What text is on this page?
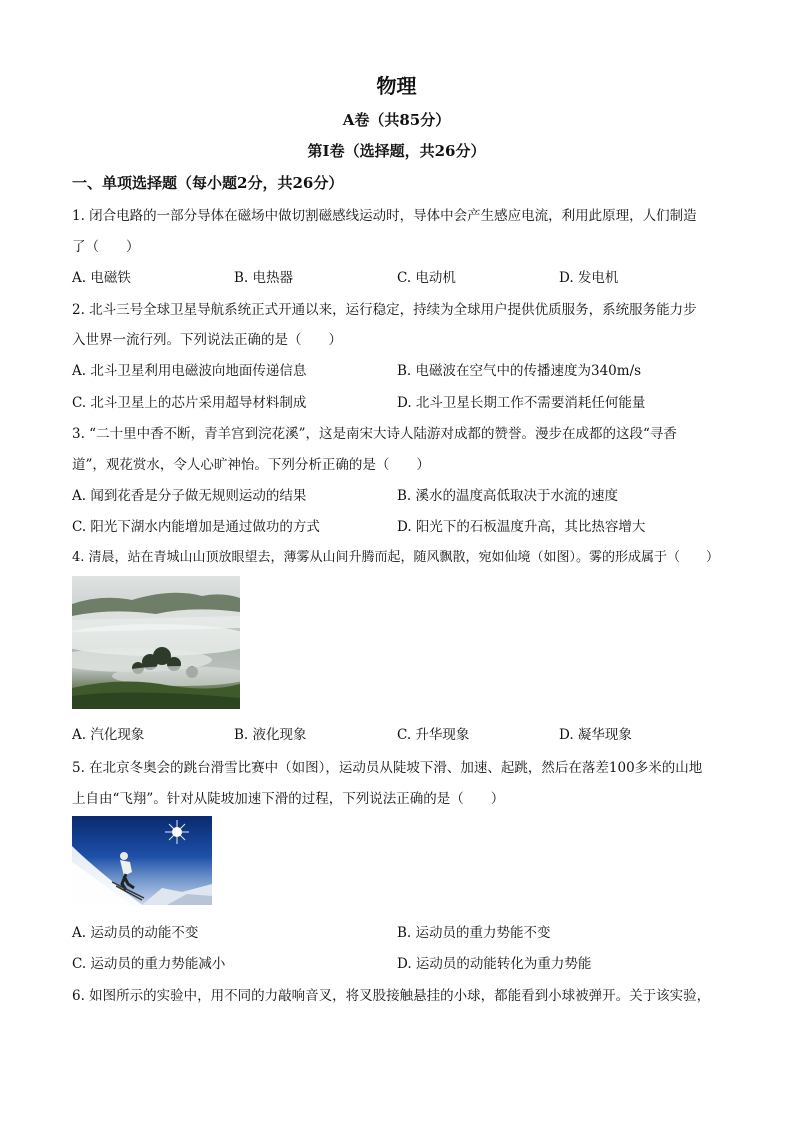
物理
A卷（共85分）
第Ⅰ卷（选择题，共26分）
一、单项选择题（每小题2分，共26分）
1. 闭合电路的一部分导体在磁场中做切割磁感线运动时，导体中会产生感应电流，利用此原理，人们制造
了（　　）
A. 电磁铁	B. 电热器	C. 电动机	D. 发电机
2. 北斗三号全球卫星导航系统正式开通以来，运行稳定，持续为全球用户提供优质服务，系统服务能力步
入世界一流行列。下列说法正确的是（　　）
A. 北斗卫星利用电磁波向地面传递信息	B. 电磁波在空气中的传播速度为340m/s
C. 北斗卫星上的芯片采用超导材料制成	D. 北斗卫星长期工作不需要消耗任何能量
3. “二十里中香不断，青羊宫到浣花溪”，这是南宋大诗人陆游对成都的赞誉。漫步在成都的这段“寻香
道”，观花赏水，令人心旷神怡。下列分析正确的是（　　）
A. 闻到花香是分子做无规则运动的结果	B. 溪水的温度高低取决于水流的速度
C. 阳光下湖水内能增加是通过做功的方式	D. 阳光下的石板温度升高，其比热容增大
4. 清晨，站在青城山山顶放眼望去，薄雾从山间升腾而起，随风飘散，宛如仙境（如图）。雾的形成属于（　　）
A. 汽化现象	B. 液化现象	C. 升华现象	D. 凝华现象
5. 在北京冬奥会的跳台滑雪比赛中（如图），运动员从陡坡下滑、加速、起跳，然后在落差100多米的山地
上自由“飞翔”。针对从陡坡加速下滑的过程，下列说法正确的是（　　）
A. 运动员的动能不变	B. 运动员的重力势能不变
C. 运动员的重力势能减小	D. 运动员的动能转化为重力势能
6. 如图所示的实验中，用不同的力敲响音叉，将叉股接触悬挂的小球，都能看到小球被弹开。关于该实验，
